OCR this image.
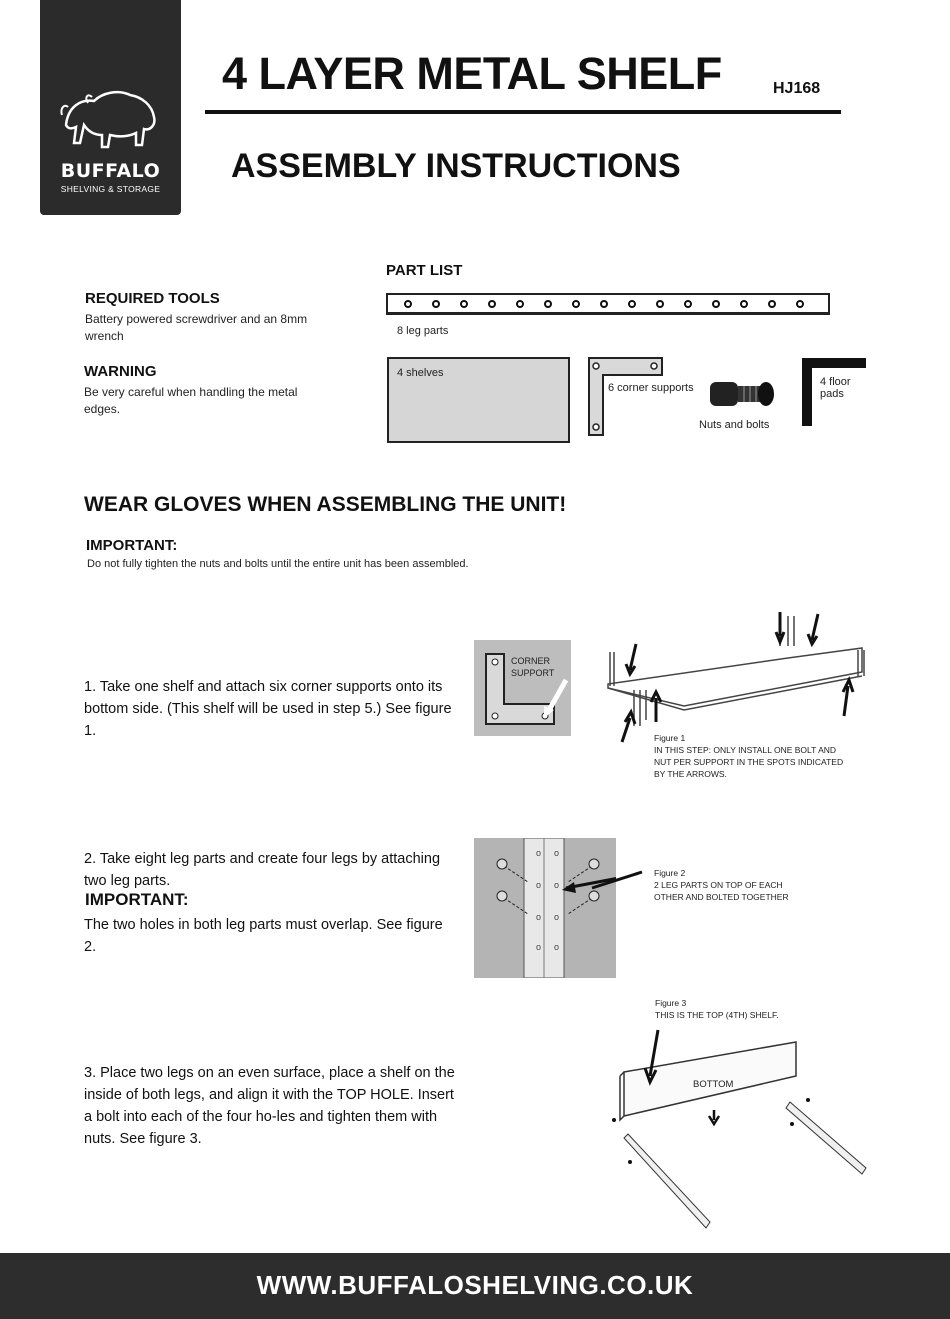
BUFFALO
SHELVING & STORAGE
4 LAYER METAL SHELF	HJ168
ASSEMBLY INSTRUCTIONS
REQUIRED TOOLS
Battery powered screwdriver and an 8mm wrench
WARNING
Be very careful when handling the metal edges.
PART LIST
8 leg parts
4 shelves
6 corner supports
Nuts and bolts
4 floor pads
WEAR GLOVES WHEN ASSEMBLING THE UNIT!
IMPORTANT:
Do not fully tighten the nuts and bolts until the entire unit has been assembled.
1. Take one shelf and attach six corner supports onto its bottom side. (This shelf will be used in step 5.) See figure 1.
CORNER SUPPORT
Figure 1
IN THIS STEP: ONLY INSTALL ONE BOLT AND NUT PER SUPPORT IN THE SPOTS INDICATED BY THE ARROWS.
2. Take eight leg parts and create four legs by attaching two leg parts.
IMPORTANT:
The two holes in both leg parts must overlap. See figure 2.
o o
o o
o o
o o
Figure 2
2 LEG PARTS ON TOP OF EACH OTHER AND BOLTED TOGETHER
Figure 3
THIS IS THE TOP (4TH) SHELF.
3. Place two legs on an even surface, place a shelf on the inside of both legs, and align it with the TOP HOLE. Insert a bolt into each of the four ho-les and tighten them with nuts. See figure 3.
BOTTOM
WWW.BUFFALOSHELVING.CO.UK
